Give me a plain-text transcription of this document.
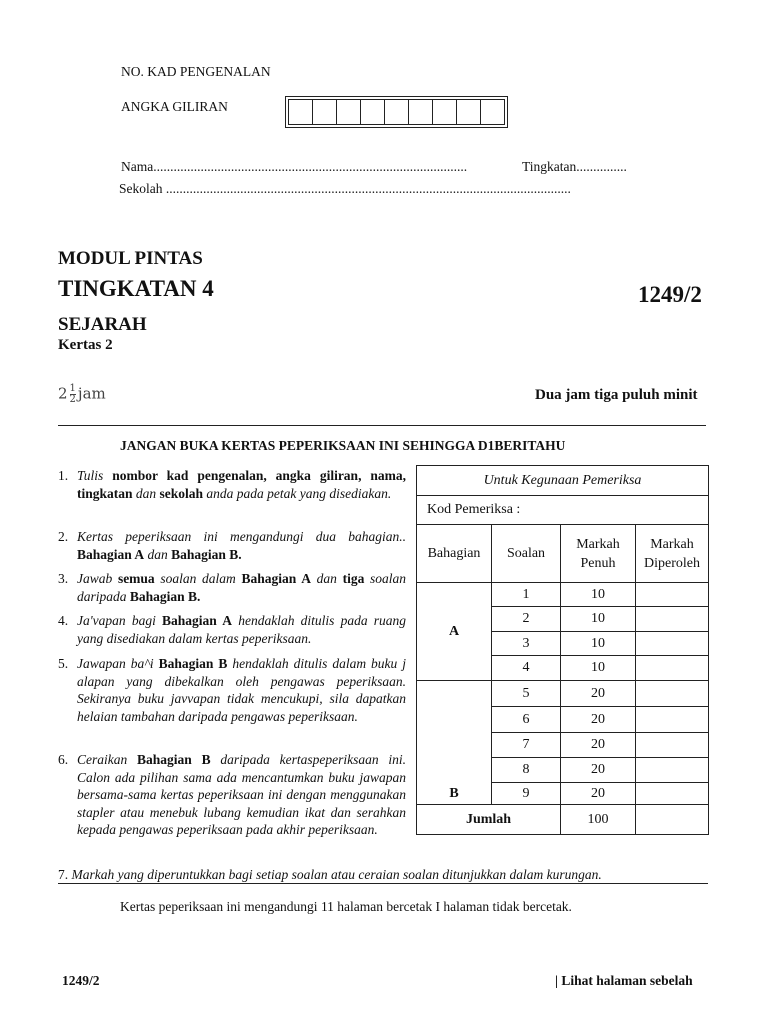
NO. KAD PENGENALAN
ANGKA GILIRAN
Nama.............................................................................................	Tingkatan...............
Sekolah ........................................................................................................................
MODUL PINTAS
TINGKATAN 4	1249/2
SEJARAH
Kertas 2
$2 \frac{1}{2}$ jam	Dua jam tiga puluh minit
JANGAN BUKA KERTAS PEPERIKSAAN INI SEHINGGA D1BERITAHU
1. Tulis nombor kad pengenalan, angka giliran, nama, tingkatan dan sekolah anda pada petak yang disediakan.
2. Kertas peperiksaan ini mengandungi dua bahagian.. Bahagian A dan Bahagian B.
3. Jawab semua soalan dalam Bahagian A dan tiga soalan daripada Bahagian B.
4. Ja'vapan bagi Bahagian A hendaklah ditulis pada ruang yang disediakan dalam kertas peperiksaan.
5. Jawapan ba^i Bahagian B hendaklah ditulis dalam buku j alapan yang dibekalkan oleh pengawas peperiksaan. Sekiranya buku javvapan tidak mencukupi, sila dapatkan helaian tambahan daripada pengawas peperiksaan.
6. Ceraikan Bahagian B daripada kertaspeperiksaan ini. Calon ada pilihan sama ada mencantumkan buku jawapan bersama-sama kertas peperiksaan ini dengan menggunakan stapler atau menebuk lubang kemudian ikat dan serahkan kepada pengawas peperiksaan pada akhir peperiksaan.
7. Markah yang diperuntukkan bagi setiap soalan atau ceraian soalan ditunjukkan dalam kurungan.
Untuk Kegunaan Pemeriksa			
Kod Pemeriksa :			
Bahagian	Soalan	Markah Penuh	Markah Diperoleh
A	1	10	
	2	10	
	3	10	
	4	10	
B	5	20	
	6	20	
	7	20	
	8	20	
	9	20	
Jumlah		100	
Kertas peperiksaan ini mengandungi 11 halaman bercetak I halaman tidak bercetak.
1249/2	| Lihat halaman sebelah
